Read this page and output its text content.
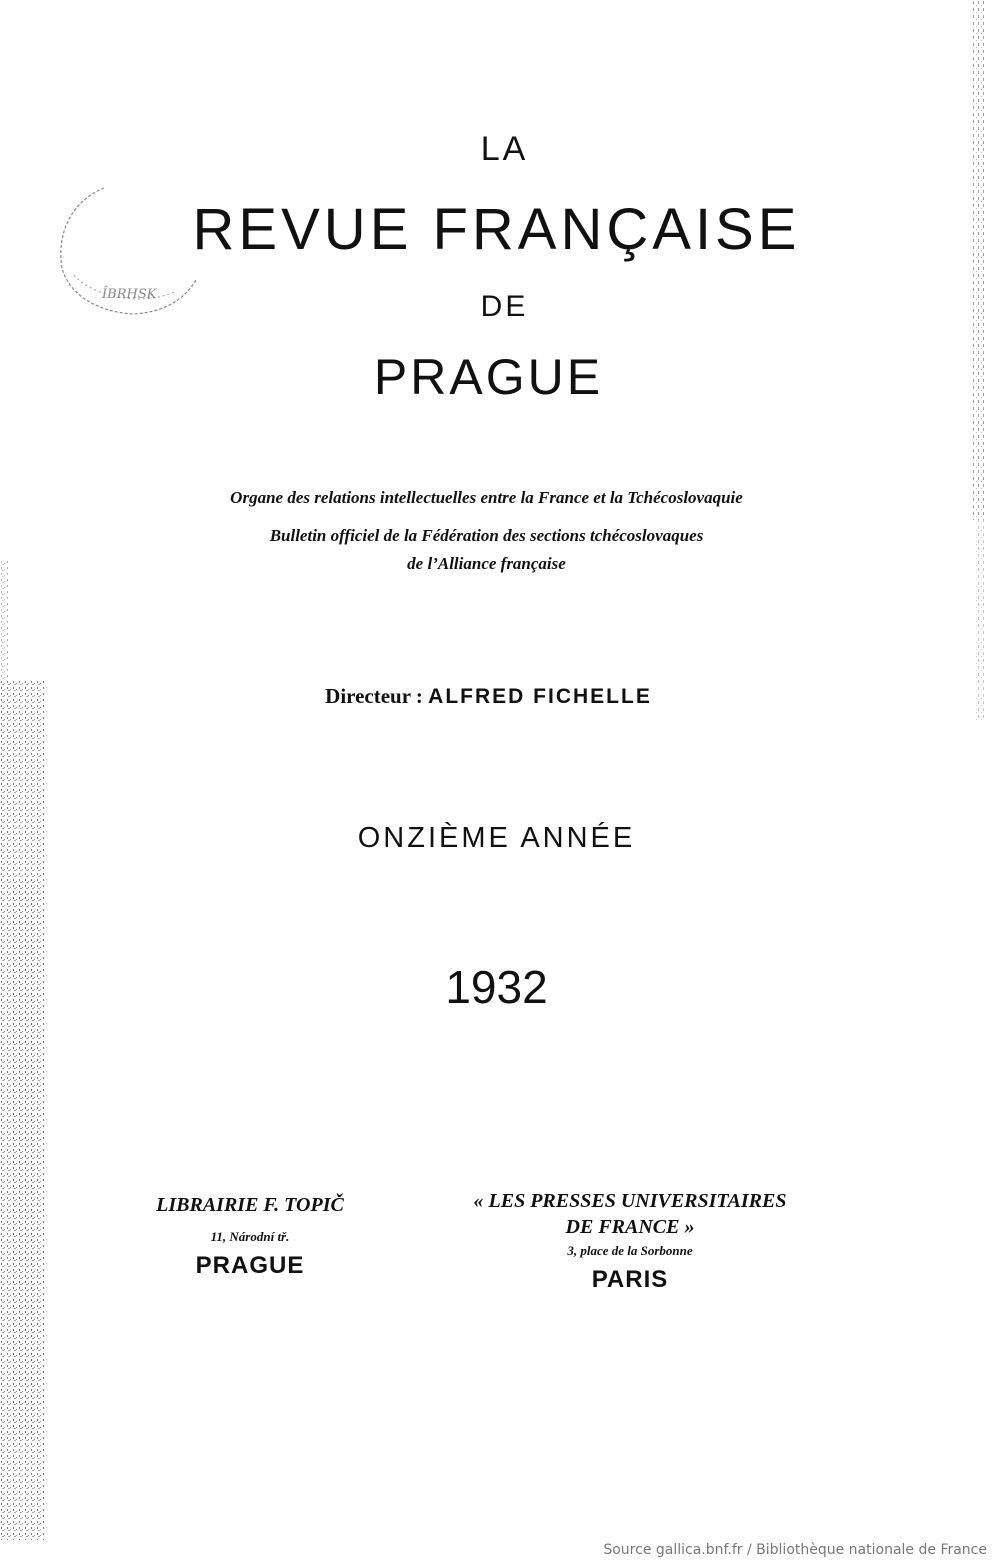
ÎBRHSK
LA
REVUE FRANÇAISE
DE
PRAGUE
Organe des relations intellectuelles entre la France et la Tchécoslovaquie
Bulletin officiel de la Fédération des sections tchécoslovaques
de l’Alliance française
Directeur : ALFRED FICHELLE
ONZIÈME ANNÉE
1932
LIBRAIRIE F. TOPIČ
11, Národní tř.
PRAGUE
« LES PRESSES UNIVERSITAIRES
DE FRANCE »
3, place de la Sorbonne
PARIS
Source gallica.bnf.fr / Bibliothèque nationale de France
